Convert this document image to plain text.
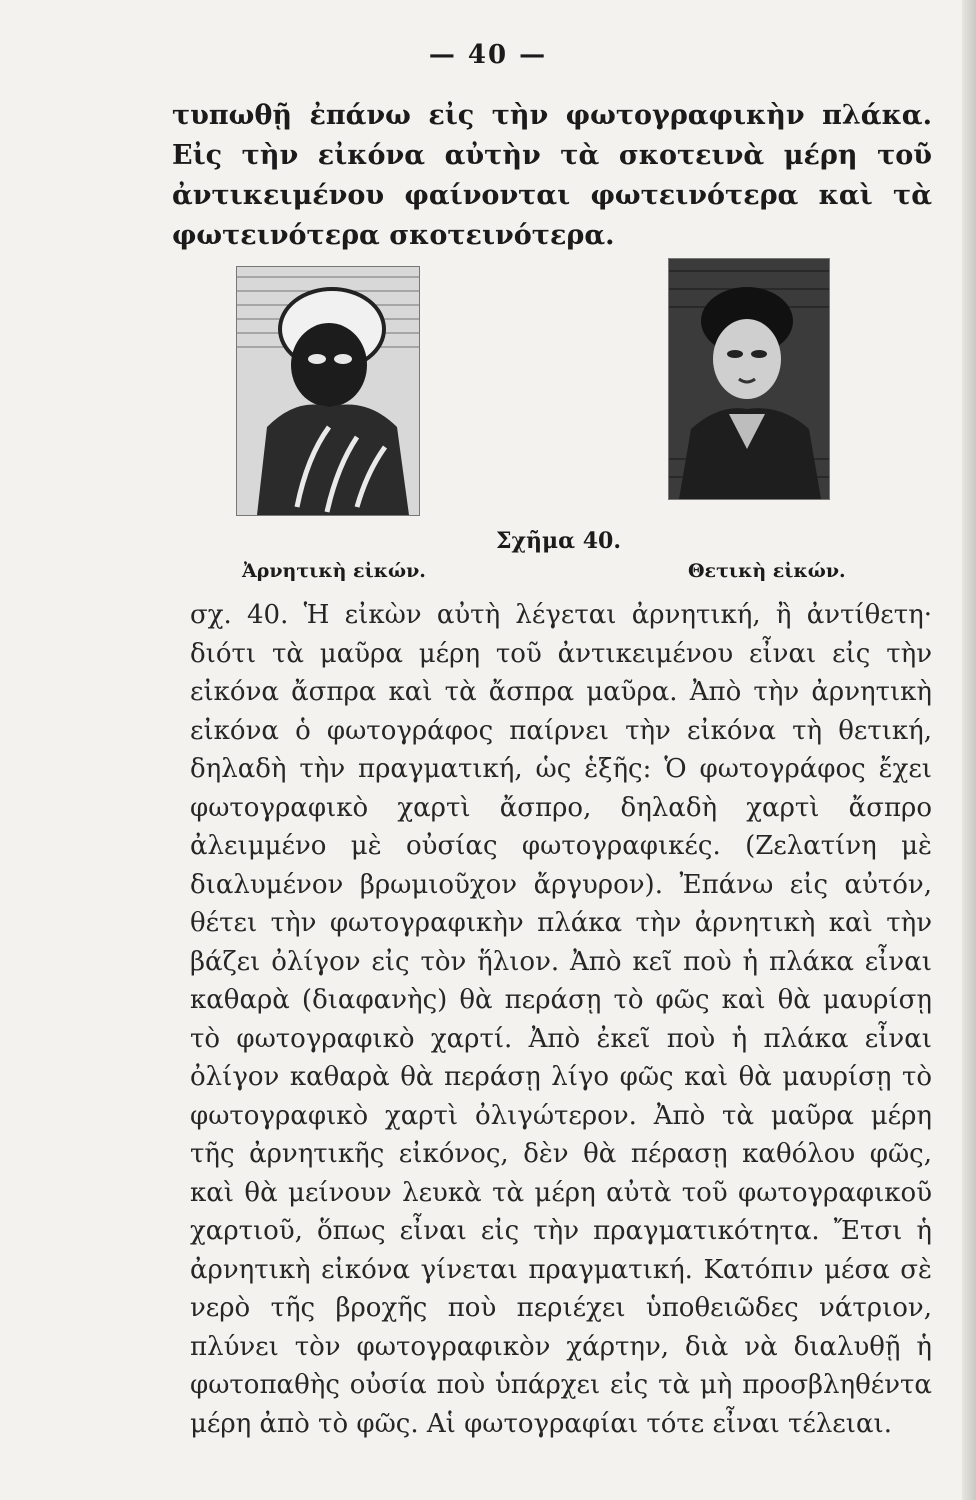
— 40 —

τυπωθῇ ἐπάνω εἰς τὴν φωτογραφικὴν πλάκα. Εἰς τὴν εἰκόνα αὐτὴν τὰ σκοτεινὰ μέρη τοῦ ἀντικειμένου φαίνονται φωτεινότερα καὶ τὰ φωτεινότερα σκοτεινότερα.

Σχῆμα 40.
Ἀρνητικὴ εἰκών.	Θετικὴ εἰκών.

σχ. 40. Ἡ εἰκὼν αὐτὴ λέγεται ἀρνητική, ἢ ἀντίθετη· διότι τὰ μαῦρα μέρη τοῦ ἀντικειμένου εἶναι εἰς τὴν εἰκόνα ἄσπρα καὶ τὰ ἄσπρα μαῦρα. Ἀπὸ τὴν ἀρνητικὴ εἰκόνα ὁ φωτογράφος παίρνει τὴν εἰκόνα τὴ θετική, δηλαδὴ τὴν πραγματική, ὡς ἑξῆς: Ὁ φωτογράφος ἔχει φωτογραφικὸ χαρτὶ ἄσπρο, δηλαδὴ χαρτὶ ἄσπρο ἀλειμμένο μὲ οὐσίας φωτογραφικές. (Ζελατίνη μὲ διαλυμένον βρωμιοῦχον ἄργυρον). Ἐπάνω εἰς αὐτόν, θέτει τὴν φωτογραφικὴν πλάκα τὴν ἀρνητικὴ καὶ τὴν βάζει ὀλίγον εἰς τὸν ἥλιον. Ἀπὸ κεῖ ποὺ ἡ πλάκα εἶναι καθαρὰ (διαφανὴς) θὰ περάσῃ τὸ φῶς καὶ θὰ μαυρίσῃ τὸ φωτογραφικὸ χαρτί. Ἀπὸ ἐκεῖ ποὺ ἡ πλάκα εἶναι ὀλίγον καθαρὰ θὰ περάσῃ λίγο φῶς καὶ θὰ μαυρίσῃ τὸ φωτογραφικὸ χαρτὶ ὀλιγώτερον. Ἀπὸ τὰ μαῦρα μέρη τῆς ἀρνητικῆς εἰκόνος, δὲν θὰ πέρασῃ καθόλου φῶς, καὶ θὰ μείνουν λευκὰ τὰ μέρη αὐτὰ τοῦ φωτογραφικοῦ χαρτιοῦ, ὅπως εἶναι εἰς τὴν πραγματικότητα. Ἔτσι ἡ ἀρνητικὴ εἰκόνα γίνεται πραγματική. Κατόπιν μέσα σὲ νερὸ τῆς βροχῆς ποὺ περιέχει ὑποθειῶδες νάτριον, πλύνει τὸν φωτογραφικὸν χάρτην, διὰ νὰ διαλυθῇ ἡ φωτοπαθὴς οὐσία ποὺ ὑπάρχει εἰς τὰ μὴ προσβληθέντα μέρη ἀπὸ τὸ φῶς. Αἱ φωτογραφίαι τότε εἶναι τέλειαι.
